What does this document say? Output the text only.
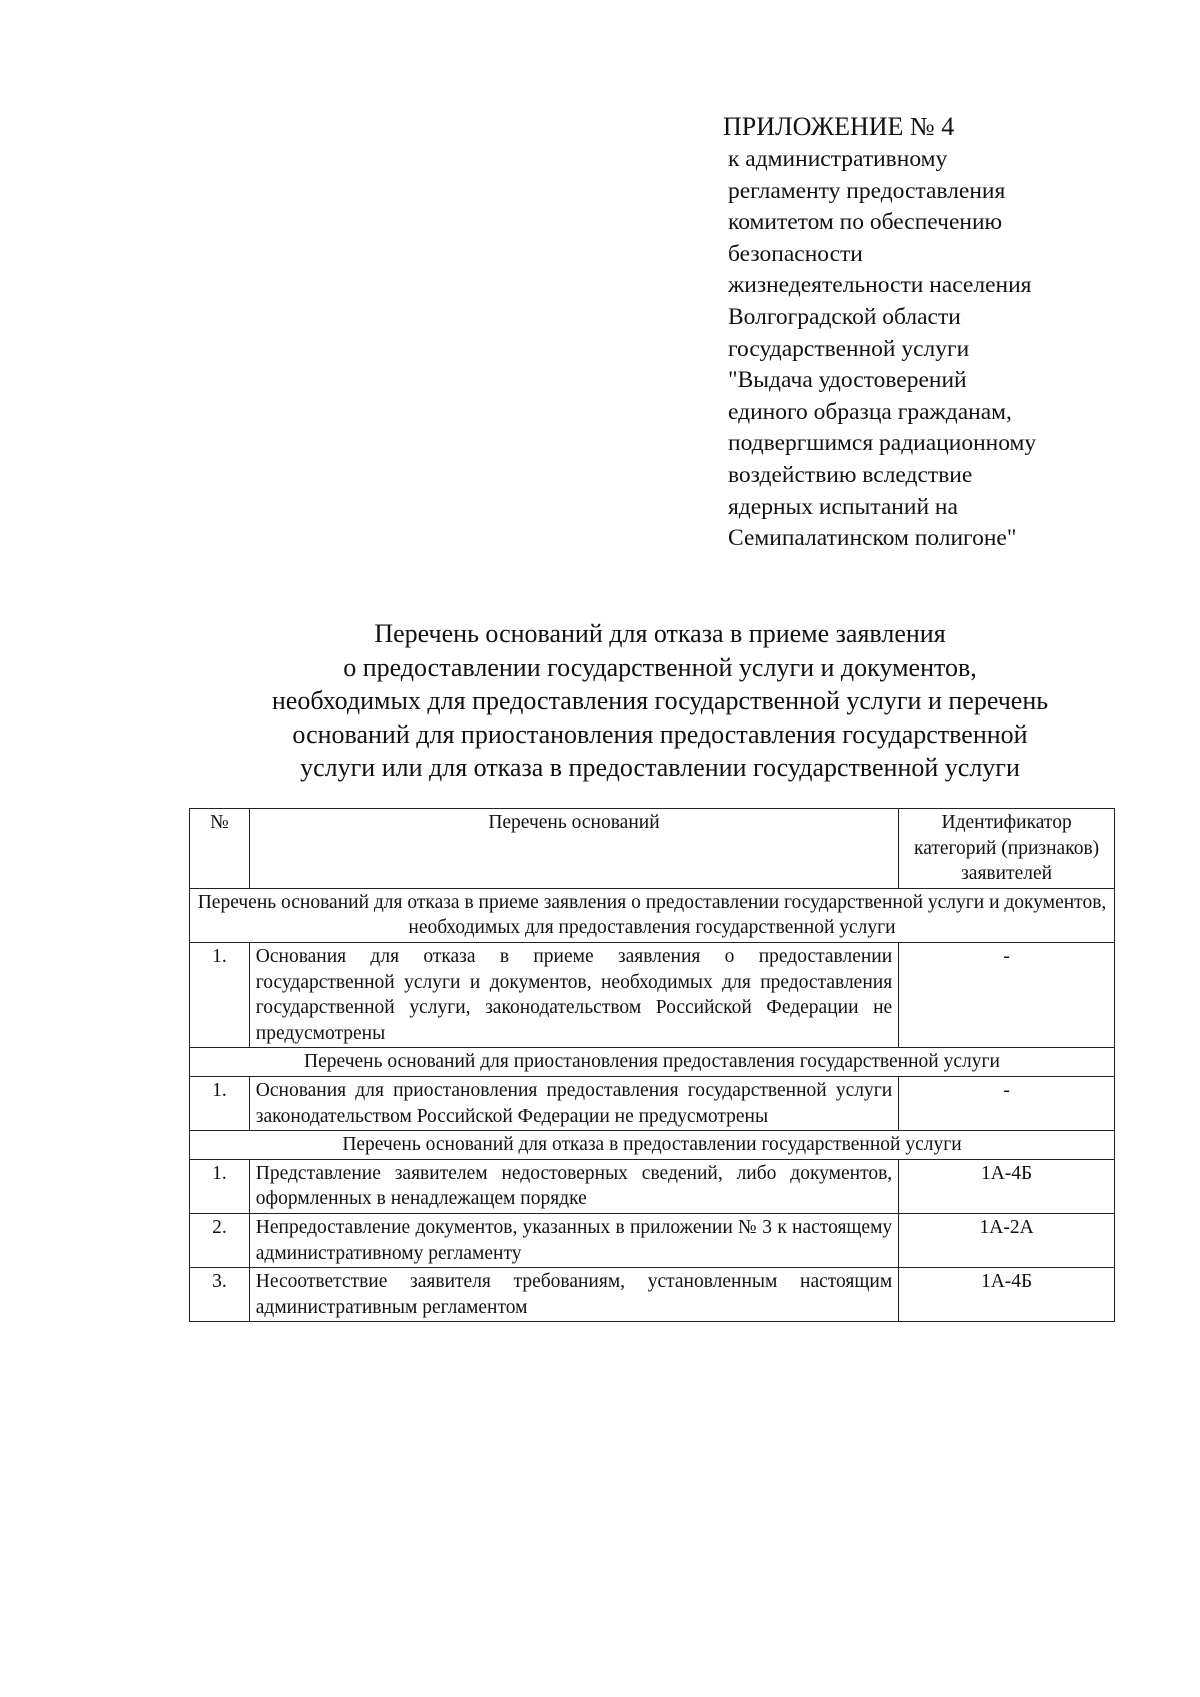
ПРИЛОЖЕНИЕ № 4
к административному
регламенту предоставления
комитетом по обеспечению
безопасности
жизнедеятельности населения
Волгоградской области
государственной услуги
"Выдача удостоверений
единого образца гражданам,
подвергшимся радиационному
воздействию вследствие
ядерных испытаний на
Семипалатинском полигоне"
Перечень оснований для отказа в приеме заявления
о предоставлении государственной услуги и документов,
необходимых для предоставления государственной услуги и перечень
оснований для приостановления предоставления государственной
услуги или для отказа в предоставлении государственной услуги
№	Перечень оснований	Идентификатор категорий (признаков) заявителей
Перечень оснований для отказа в приеме заявления о предоставлении государственной услуги и документов, необходимых для предоставления государственной услуги		
1.	Основания для отказа в приеме заявления о предоставлении государственной услуги и документов, необходимых для предоставления государственной услуги, законодательством Российской Федерации не предусмотрены	-
Перечень оснований для приостановления предоставления государственной услуги		
1.	Основания для приостановления предоставления государственной услуги законодательством Российской Федерации не предусмотрены	-
Перечень оснований для отказа в предоставлении государственной услуги		
1.	Представление заявителем недостоверных сведений, либо документов, оформленных в ненадлежащем порядке	1А-4Б
2.	Непредоставление документов, указанных в приложении № 3 к настоящему административному регламенту	1А-2А
3.	Несоответствие заявителя требованиям, установленным настоящим административным регламентом	1А-4Б
